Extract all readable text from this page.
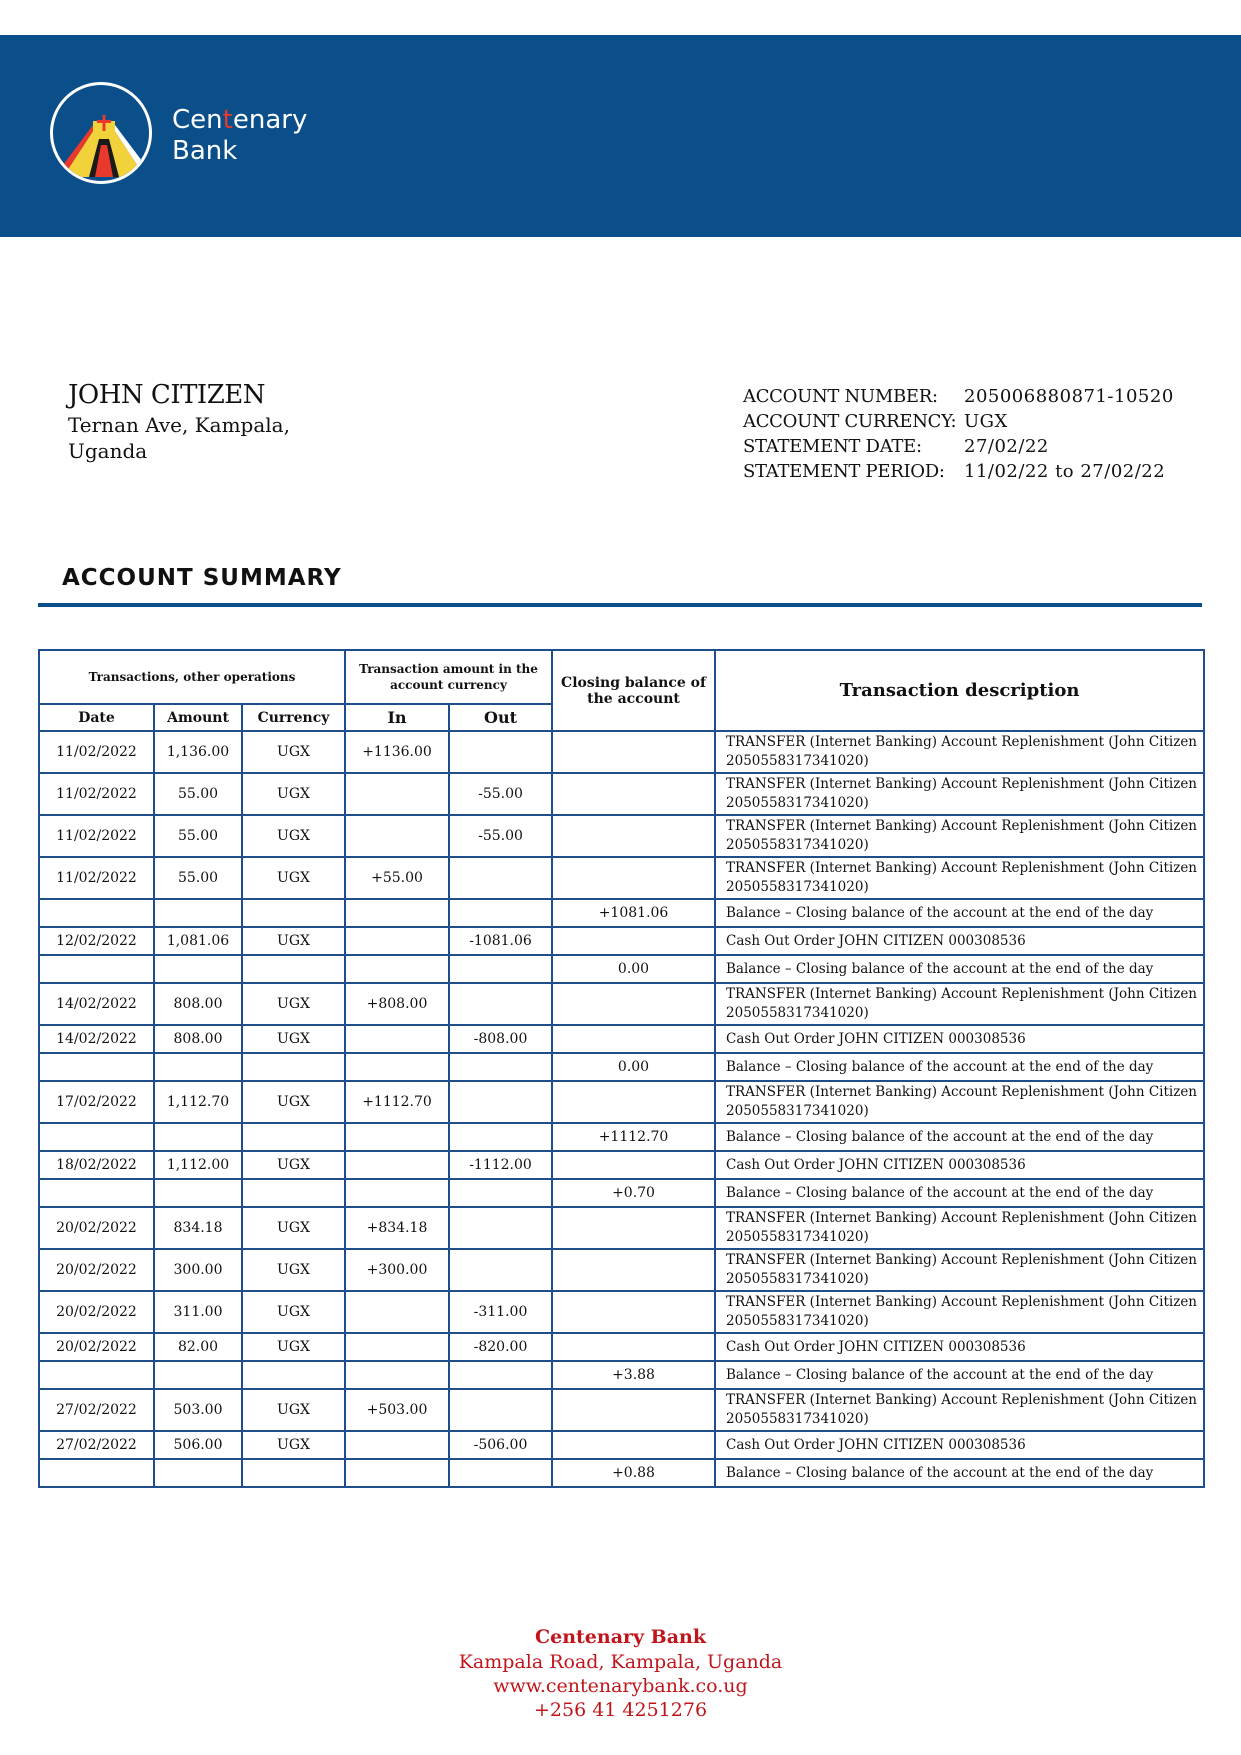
Centenary
Bank
JOHN CITIZEN
Ternan Ave, Kampala,
Uganda
ACCOUNT NUMBER:	205006880871-10520
ACCOUNT CURRENCY: UGX
STATEMENT DATE:	27/02/22
STATEMENT PERIOD:	11/02/22 to 27/02/22
ACCOUNT SUMMARY
Transactions, other operations			Transaction amount in the account currency		Closing balance of the account	Transaction description
Date	Amount	Currency	In	Out		
11/02/2022	1,136.00	UGX	+1136.00			TRANSFER (Internet Banking) Account Replenishment (John Citizen 2050558317341020)
11/02/2022	55.00	UGX		-55.00		TRANSFER (Internet Banking) Account Replenishment (John Citizen 2050558317341020)
11/02/2022	55.00	UGX		-55.00		TRANSFER (Internet Banking) Account Replenishment (John Citizen 2050558317341020)
11/02/2022	55.00	UGX	+55.00			TRANSFER (Internet Banking) Account Replenishment (John Citizen 2050558317341020)
					+1081.06	Balance – Closing balance of the account at the end of the day
12/02/2022	1,081.06	UGX		-1081.06		Cash Out Order JOHN CITIZEN 000308536
					0.00	Balance – Closing balance of the account at the end of the day
14/02/2022	808.00	UGX	+808.00			TRANSFER (Internet Banking) Account Replenishment (John Citizen 2050558317341020)
14/02/2022	808.00	UGX		-808.00		Cash Out Order JOHN CITIZEN 000308536
					0.00	Balance – Closing balance of the account at the end of the day
17/02/2022	1,112.70	UGX	+1112.70			TRANSFER (Internet Banking) Account Replenishment (John Citizen 2050558317341020)
					+1112.70	Balance – Closing balance of the account at the end of the day
18/02/2022	1,112.00	UGX		-1112.00		Cash Out Order JOHN CITIZEN 000308536
					+0.70	Balance – Closing balance of the account at the end of the day
20/02/2022	834.18	UGX	+834.18			TRANSFER (Internet Banking) Account Replenishment (John Citizen 2050558317341020)
20/02/2022	300.00	UGX	+300.00			TRANSFER (Internet Banking) Account Replenishment (John Citizen 2050558317341020)
20/02/2022	311.00	UGX		-311.00		TRANSFER (Internet Banking) Account Replenishment (John Citizen 2050558317341020)
20/02/2022	82.00	UGX		-820.00		Cash Out Order JOHN CITIZEN 000308536
					+3.88	Balance – Closing balance of the account at the end of the day
27/02/2022	503.00	UGX	+503.00			TRANSFER (Internet Banking) Account Replenishment (John Citizen 2050558317341020)
27/02/2022	506.00	UGX		-506.00		Cash Out Order JOHN CITIZEN 000308536
					+0.88	Balance – Closing balance of the account at the end of the day
Centenary Bank
Kampala Road, Kampala, Uganda
www.centenarybank.co.ug
+256 41 4251276
